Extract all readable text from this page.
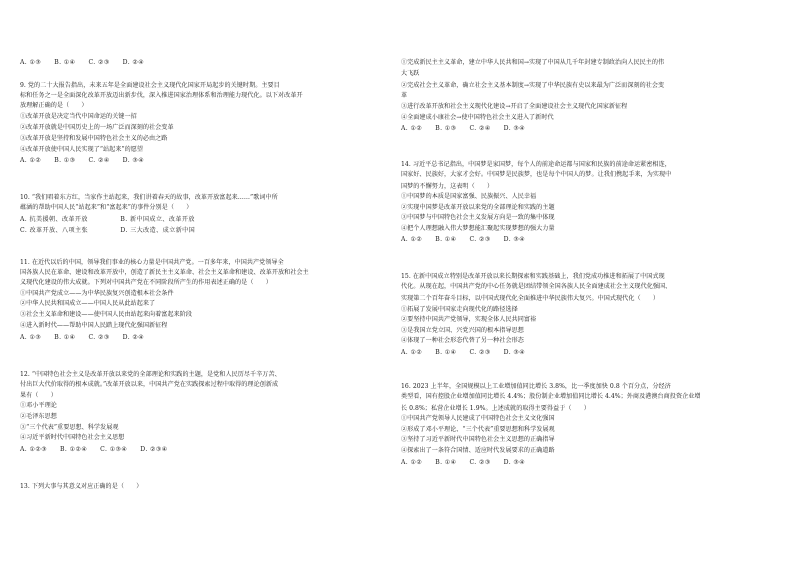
A. ①③　　B. ①④　　C. ②③　　D. ②④
9. 党的二十大报告指出，未来五年是全面建设社会主义现代化国家开局起步的关键时期。主要目
标和任务之一是全面深化改革开放迈出新步伐，深入推进国家治理体系和治理能力现代化。以下对改革开
放理解正确的是（　　）
①改革开放是决定当代中国命运的关键一招
②改革开放就是中国历史上的一场广泛而深刻的社会变革
③改革开放是坚持和发展中国特色社会主义的必由之路
④改革开放使中国人民实现了“站起来”的愿望
A. ①②　　B. ①③　　C. ②④　　D. ③④
10. “我们唱着东方红，当家作主站起来，我们讲着春天的故事，改革开放富起来……”歌词中所
蕴涵的帮助中国人民“站起来”和“富起来”的事件分别是（　　）
A. 抗美援朝、改革开放　　　　　B. 新中国成立、改革开放
C. 改革开放、八项主张　　　　　D. 三大改造、成立新中国
11. 在近代以后的中国，领导我们事业的核心力量是中国共产党。一百多年来，中国共产党领导全
国各族人民在革命、建设和改革开放中，创造了新民主主义革命、社会主义革命和建设、改革开放和社会主
义现代化建设的伟大成就。下列对中国共产党在不同阶段所产生的作用表述正确的是（　　）
①中国共产党成立——为中华民族复兴创造根本社会条件
②中华人民共和国成立——中国人民从此站起来了
③社会主义革命和建设——使中国人民由站起来向着富起来阶段
④进入新时代——帮助中国人民踏上现代化强国新征程
A. ①③　　B. ①④　　C. ②③　　D. ②④
12. “中国特色社会主义是改革开放以来党的全部理论和实践的主题，是党和人民历尽千辛万苦、
付出巨大代价取得的根本成就。”改革开放以来，中国共产党在实践探索过程中取得的理论创新成
果有（　　）
①邓小平理论
②毛泽东思想
③“三个代表”重要思想、科学发展观
④习近平新时代中国特色社会主义思想
A. ①②③　　B. ①②④　　C. ①③④　　D. ②③④
13. 下列大事与其意义对应正确的是（　　）
①完成新民主主义革命，建立中华人民共和国→实现了中国从几千年封建专制政治向人民民主的伟
大飞跃
②完成社会主义革命，确立社会主义基本制度→实现了中华民族有史以来最为广泛而深刻的社会变
革
③进行改革开放和社会主义现代化建设→开启了全面建设社会主义现代化国家新征程
④全面建成小康社会→使中国特色社会主义进入了新时代
A. ①②　　B. ①③　　C. ②④　　D. ③④
14. 习近平总书记指出，中国梦是家国梦，每个人的前途命运都与国家和民族的前途命运紧密相连，
国家好、民族好，大家才会好。中国梦是民族梦，也是每个中国人的梦。让我们携起手来，为实现中
国梦的不懈努力，这表明（　　）
①中国梦的本质是国家富强、民族振兴、人民幸福
②实现中国梦是改革开放以来党的全部理论和实践的主题
③中国梦与中国特色社会主义发展方向是一致的集中体现
④把个人理想融入伟大梦想能汇聚起实现梦想的强大力量
A. ①②　　B. ①④　　C. ②③　　D. ③④
15. 在新中国成立特别是改革开放以来长期探索和实践基础上，我们党成功推进和拓展了中国式现
代化。从现在起，中国共产党的中心任务就是团结带领全国各族人民全面建成社会主义现代化强国、
实现第二个百年奋斗目标，以中国式现代化全面推进中华民族伟大复兴。中国式现代化（　　）
①拓展了发展中国家走向现代化的路径选择
②要坚持中国共产党领导，实现全体人民共同富裕
③是我国立党立国、兴党兴国的根本指导思想
④体现了一种社会形态代替了另一种社会形态
A. ①②　　B. ①④　　C. ②③　　D. ③④
16. 2023 上半年，全国规模以上工业增加值同比增长 3.8%，比一季度加快 0.8 个百分点，分经济
类型看，国有控股企业增加值同比增长 4.4%；股份制企业增加值同比增长 4.4%；外商及港澳台商投资企业增
长 0.8%；私营企业增长 1.9%。上述成就的取得主要得益于（　　）
①中国共产党领导人民建成了中国特色社会主义文化强国
②形成了邓小平理论、“三个代表”重要思想和科学发展观
③坚持了习近平新时代中国特色社会主义思想的正确指导
④探索出了一条符合国情、适应时代发展要求的正确道路
A. ①②　　B. ①④　　C. ②③　　D. ③④
